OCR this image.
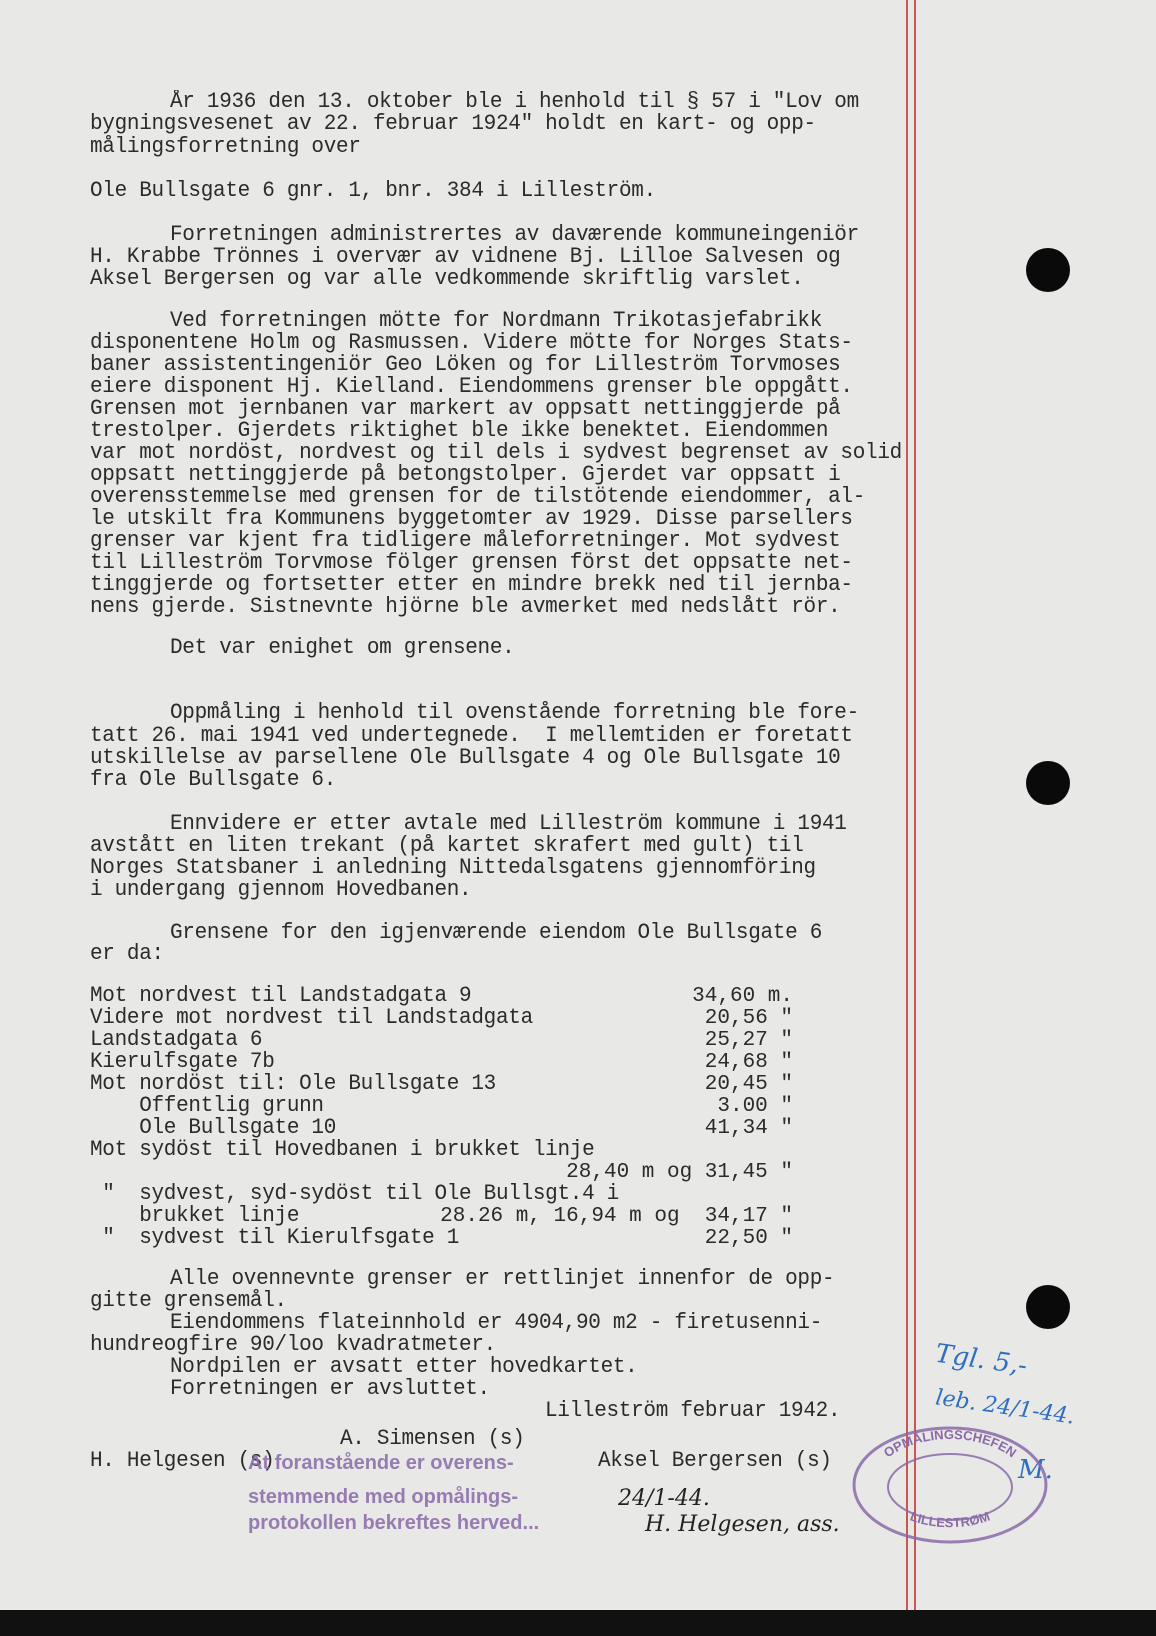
År 1936 den 13. oktober ble i henhold til § 57 i "Lov om
bygningsvesenet av 22. februar 1924" holdt en kart- og opp-
målingsforretning over
Ole Bullsgate 6 gnr. 1, bnr. 384 i Lilleström.
Forretningen administrertes av daværende kommuneingeniör
H. Krabbe Trönnes i overvær av vidnene Bj. Lilloe Salvesen og
Aksel Bergersen og var alle vedkommende skriftlig varslet.
Ved forretningen mötte for Nordmann Trikotasjefabrikk
disponentene Holm og Rasmussen. Videre mötte for Norges Stats-
baner assistentingeniör Geo Löken og for Lilleström Torvmoses
eiere disponent Hj. Kielland. Eiendommens grenser ble oppgått.
Grensen mot jernbanen var markert av oppsatt nettinggjerde på
trestolper. Gjerdets riktighet ble ikke benektet. Eiendommen
var mot nordöst, nordvest og til dels i sydvest begrenset av solid
oppsatt nettinggjerde på betongstolper. Gjerdet var oppsatt i
overensstemmelse med grensen for de tilstötende eiendommer, al-
le utskilt fra Kommunens byggetomter av 1929. Disse parsellers
grenser var kjent fra tidligere måleforretninger. Mot sydvest
til Lilleström Torvmose fölger grensen först det oppsatte net-
tinggjerde og fortsetter etter en mindre brekk ned til jernba-
nens gjerde. Sistnevnte hjörne ble avmerket med nedslått rör.
Det var enighet om grensene.
Oppmåling i henhold til ovenstående forretning ble fore-
tatt 26. mai 1941 ved undertegnede.  I mellemtiden er foretatt
utskillelse av parsellene Ole Bullsgate 4 og Ole Bullsgate 10
fra Ole Bullsgate 6.
Ennvidere er etter avtale med Lilleström kommune i 1941
avstått en liten trekant (på kartet skrafert med gult) til
Norges Statsbaner i anledning Nittedalsgatens gjennomföring
i undergang gjennom Hovedbanen.
Grensene for den igjenværende eiendom Ole Bullsgate 6
er da:
Mot nordvest til Landstadgata 9	34,60 m.
Videre mot nordvest til Landstadgata	20,56 "
Landstadgata 6	25,27 "
Kierulfsgate 7b	24,68 "
Mot nordöst til: Ole Bullsgate 13	20,45 "
Offentlig grunn	3.00 "
Ole Bullsgate 10	41,34 "
Mot sydöst til Hovedbanen i brukket linje
28,40 m og 31,45 "
"  sydvest, syd-sydöst til Ole Bullsgt.4 i
brukket linje	28.26 m, 16,94 m og  34,17 "
"  sydvest til Kierulfsgate 1	22,50 "
Alle ovennevnte grenser er rettlinjet innenfor de opp-
gitte grensemål.
Eiendommens flateinnhold er 4904,90 m2 - firetusenni-
hundreogfire 90/loo kvadratmeter.
Nordpilen er avsatt etter hovedkartet.
Forretningen er avsluttet.
Lilleström februar 1942.
A. Simensen (s)
H. Helgesen (s)	Aksel Bergersen (s)
At foranstående er overens-
stemmende med opmålings-
protokollen bekreftes herved...
24/1-44.
H. Helgesen, ass.
Tgl. 5,-
leb. 24/1-44.
M.
OPMÅLINGSCHEFEN
LILLESTRØM
